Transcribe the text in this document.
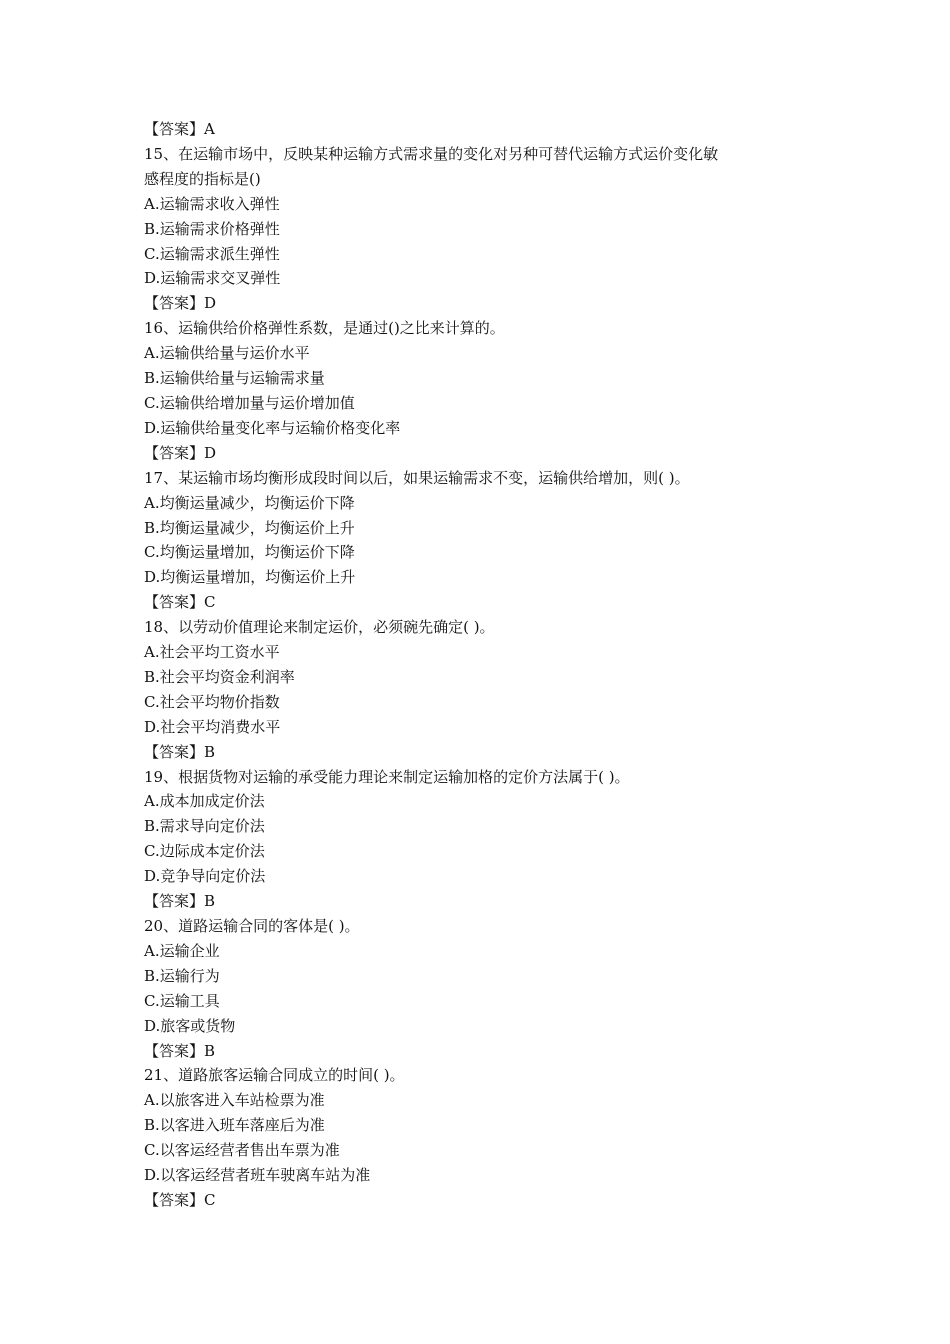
【答案】A
15、在运输市场中，反映某种运输方式需求量的变化对另种可替代运输方式运价变化敏
感程度的指标是()
A.运输需求收入弹性
B.运输需求价格弹性
C.运输需求派生弹性
D.运输需求交叉弹性
【答案】D
16、运输供给价格弹性系数，是通过()之比来计算的。
A.运输供给量与运价水平
B.运输供给量与运输需求量
C.运输供给增加量与运价增加值
D.运输供给量变化率与运输价格变化率
【答案】D
17、某运输市场均衡形成段时间以后，如果运输需求不变，运输供给增加，则( )。
A.均衡运量减少，均衡运价下降
B.均衡运量减少，均衡运价上升
C.均衡运量增加，均衡运价下降
D.均衡运量增加，均衡运价上升
【答案】C
18、以劳动价值理论来制定运价，必须碗先确定( )。
A.社会平均工资水平
B.社会平均资金利润率
C.社会平均物价指数
D.社会平均消费水平
【答案】B
19、根据货物对运输的承受能力理论来制定运输加格的定价方法属于( )。
A.成本加成定价法
B.需求导向定价法
C.边际成本定价法
D.竞争导向定价法
【答案】B
20、道路运输合同的客体是( )。
A.运输企业
B.运输行为
C.运输工具
D.旅客或货物
【答案】B
21、道路旅客运输合同成立的时间( )。
A.以旅客进入车站检票为准
B.以客进入班车落座后为准
C.以客运经营者售出车票为准
D.以客运经营者班车驶离车站为准
【答案】C
